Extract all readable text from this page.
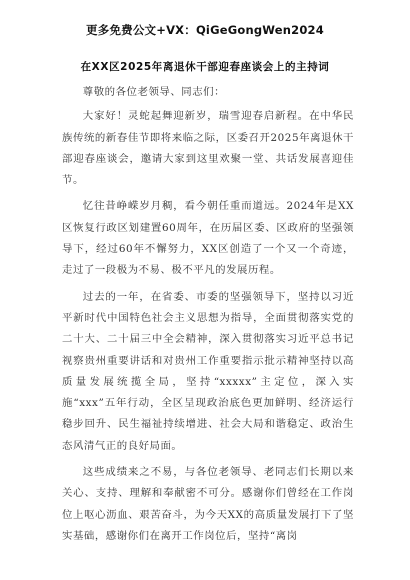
更多免费公文+VX：QiGeGongWen2024
在XX区2025年离退休干部迎春座谈会上的主持词

尊敬的各位老领导、同志们：

大家好！灵蛇起舞迎新岁，瑞雪迎春启新程。在中华民族传统的新春佳节即将来临之际，区委召开2025年离退休干部迎春座谈会，邀请大家到这里欢聚一堂、共话发展喜迎佳节。

忆往昔峥嵘岁月稠，看今朝任重而道远。2024年是XX区恢复行政区划建置60周年，在历届区委、区政府的坚强领导下，经过60年不懈努力，XX区创造了一个又一个奇迹，走过了一段极为不易、极不平凡的发展历程。

过去的一年，在省委、市委的坚强领导下，坚持以习近平新时代中国特色社会主义思想为指导，全面贯彻落实党的二十大、二十届三中全会精神，深入贯彻落实习近平总书记视察贵州重要讲话和对贵州工作重要指示批示精神坚持以高质量发展统揽全局，坚持“xxxxx”主定位，深入实施“xxx”五年行动，全区呈现政治底色更加鲜明、经济运行稳步回升、民生福祉持续增进、社会大局和谐稳定、政治生态风清气正的良好局面。

这些成绩来之不易，与各位老领导、老同志们长期以来关心、支持、理解和奉献密不可分。感谢你们曾经在工作岗位上呕心沥血、艰苦奋斗，为今天XX的高质量发展打下了坚实基础，感谢你们在离开工作岗位后，坚持“离岗
